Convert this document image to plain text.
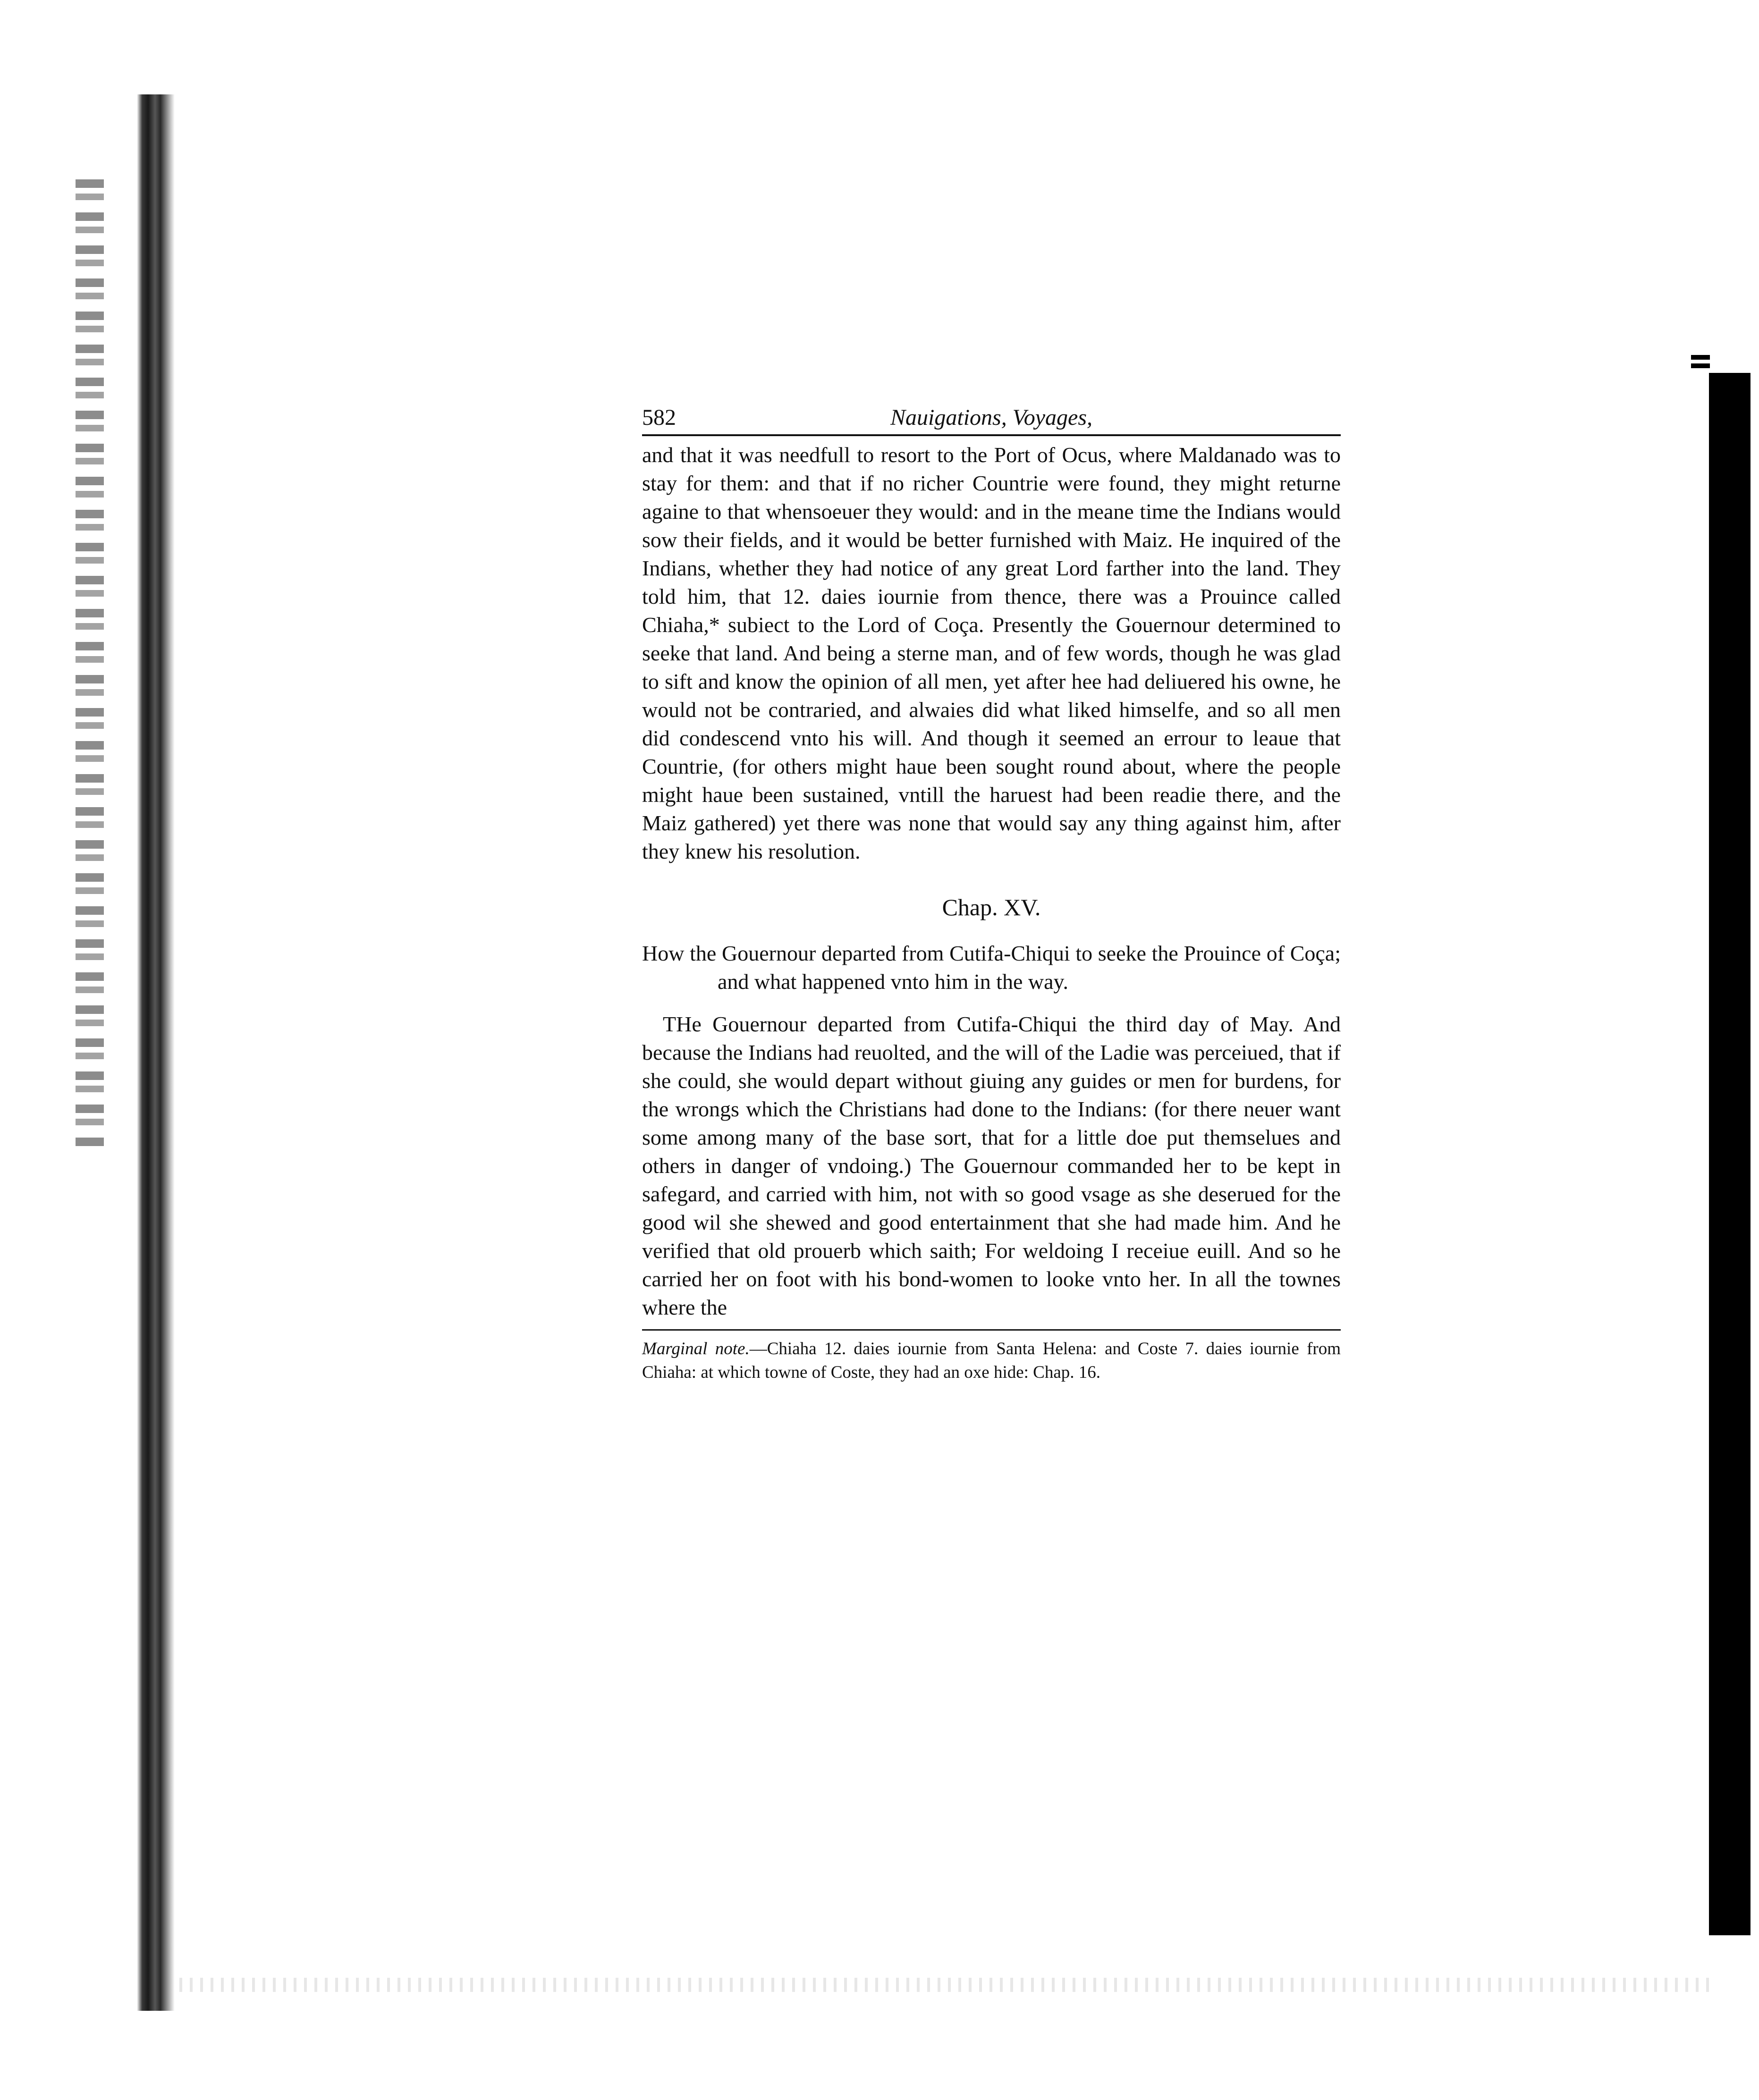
582	Nauigations, Voyages,

and that it was needfull to resort to the Port of Ocus, where Maldanado was to stay for them: and that if no richer Countrie were found, they might returne againe to that whensoeuer they would: and in the meane time the Indians would sow their fields, and it would be better furnished with Maiz. He inquired of the Indians, whether they had notice of any great Lord farther into the land. They told him, that 12. daies iournie from thence, there was a Prouince called Chiaha,* subiect to the Lord of Coça. Presently the Gouernour determined to seeke that land. And being a sterne man, and of few words, though he was glad to sift and know the opinion of all men, yet after hee had deliuered his owne, he would not be contraried, and alwaies did what liked himselfe, and so all men did condescend vnto his will. And though it seemed an errour to leaue that Countrie, (for others might haue been sought round about, where the people might haue been sustained, vntill the haruest had been readie there, and the Maiz gathered) yet there was none that would say any thing against him, after they knew his resolution.

Chap. XV.

How the Gouernour departed from Cutifa-Chiqui to seeke the Prouince of Coça; and what happened vnto him in the way.

THe Gouernour departed from Cutifa-Chiqui the third day of May. And because the Indians had reuolted, and the will of the Ladie was perceiued, that if she could, she would depart without giuing any guides or men for burdens, for the wrongs which the Christians had done to the Indians: (for there neuer want some among many of the base sort, that for a little doe put themselues and others in danger of vndoing.) The Gouernour commanded her to be kept in safegard, and carried with him, not with so good vsage as she deserued for the good wil she shewed and good entertainment that she had made him. And he verified that old prouerb which saith; For weldoing I receiue euill. And so he carried her on foot with his bond-women to looke vnto her. In all the townes where the

Marginal note.—Chiaha 12. daies iournie from Santa Helena: and Coste 7. daies iournie from Chiaha: at which towne of Coste, they had an oxe hide: Chap. 16.
